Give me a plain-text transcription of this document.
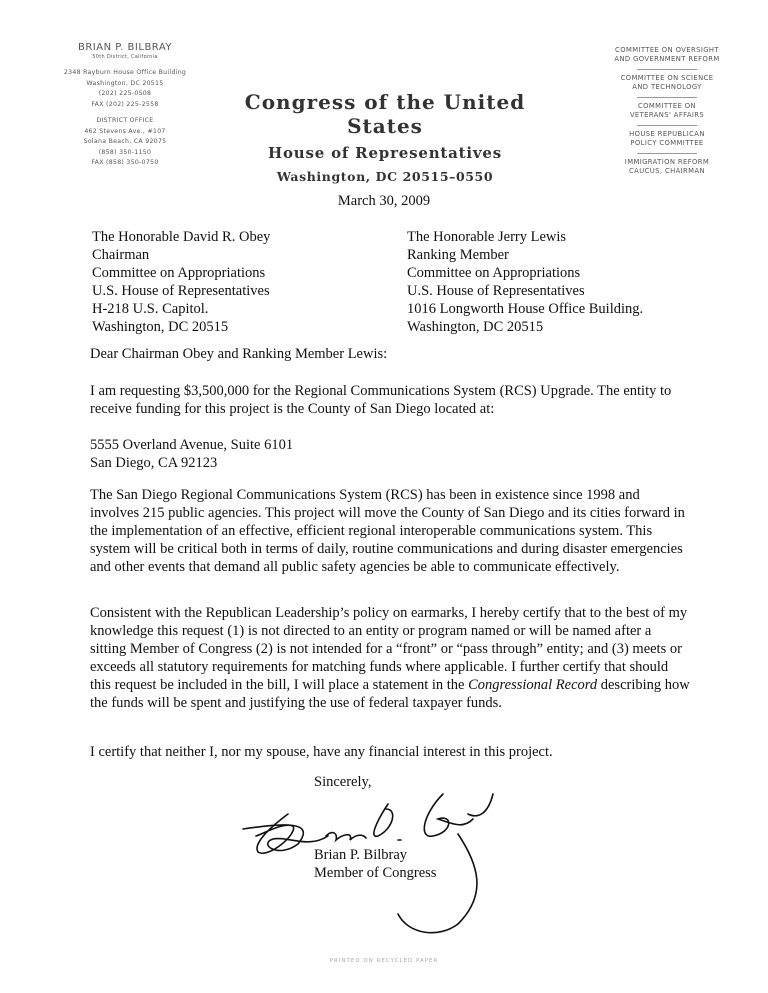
BRIAN P. BILBRAY
50th District, California
2348 Rayburn House Office Building
Washington, DC 20515
(202) 225-0508
FAX (202) 225-2558
DISTRICT OFFICE
462 Stevens Ave., #107
Solana Beach, CA 92075
(858) 350-1150
FAX (858) 350-0750
Congress of the United States
House of Representatives
Washington, DC 20515–0550
COMMITTEE ON OVERSIGHT
AND GOVERNMENT REFORM
COMMITTEE ON SCIENCE
AND TECHNOLOGY
COMMITTEE ON
VETERANS' AFFAIRS
HOUSE REPUBLICAN
POLICY COMMITTEE
IMMIGRATION REFORM
CAUCUS, CHAIRMAN
March 30, 2009
The Honorable David R. Obey
Chairman
Committee on Appropriations
U.S. House of Representatives
H-218 U.S. Capitol.
Washington, DC 20515
The Honorable Jerry Lewis
Ranking Member
Committee on Appropriations
U.S. House of Representatives
1016 Longworth House Office Building.
Washington, DC 20515
Dear Chairman Obey and Ranking Member Lewis:

I am requesting $3,500,000 for the Regional Communications System (RCS) Upgrade. The entity to receive funding for this project is the County of San Diego located at:

5555 Overland Avenue, Suite 6101
San Diego, CA 92123

The San Diego Regional Communications System (RCS) has been in existence since 1998 and involves 215 public agencies. This project will move the County of San Diego and its cities forward in the implementation of an effective, efficient regional interoperable communications system. This system will be critical both in terms of daily, routine communications and during disaster emergencies and other events that demand all public safety agencies be able to communicate effectively.

Consistent with the Republican Leadership’s policy on earmarks, I hereby certify that to the best of my knowledge this request (1) is not directed to an entity or program named or will be named after a sitting Member of Congress (2) is not intended for a “front” or “pass through” entity; and (3) meets or exceeds all statutory requirements for matching funds where applicable. I further certify that should this request be included in the bill, I will place a statement in the Congressional Record describing how the funds will be spent and justifying the use of federal taxpayer funds.

I certify that neither I, nor my spouse, have any financial interest in this project.

Sincerely,
Brian P. Bilbray
Member of Congress
PRINTED ON RECYCLED PAPER
